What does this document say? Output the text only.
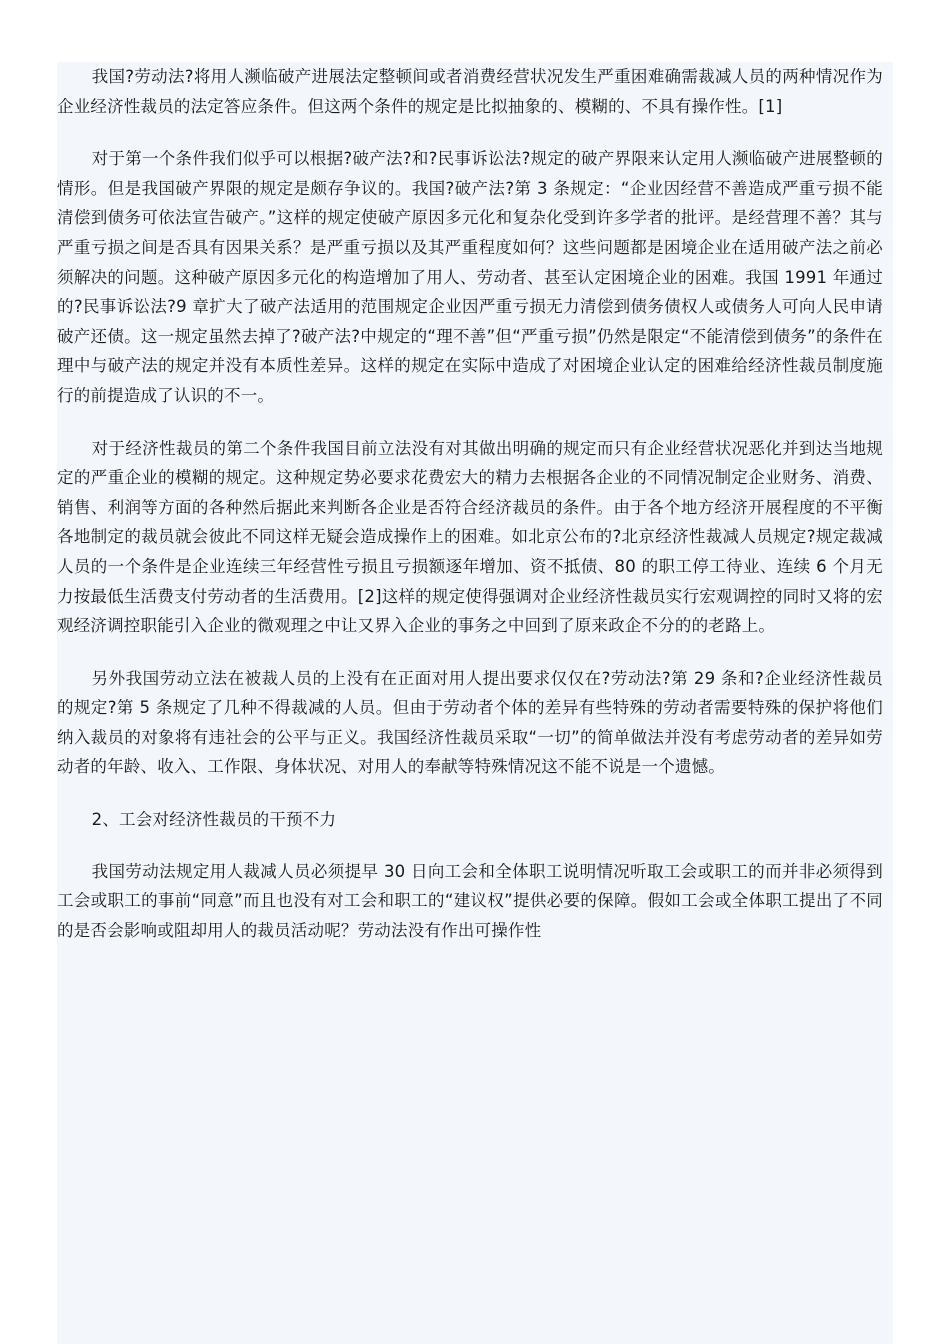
我国?劳动法?将用人濒临破产进展法定整顿间或者消费经营状况发生严重困难确需裁减人员的两种情况作为企业经济性裁员的法定答应条件。但这两个条件的规定是比拟抽象的、模糊的、不具有操作性。[1]

对于第一个条件我们似乎可以根据?破产法?和?民事诉讼法?规定的破产界限来认定用人濒临破产进展整顿的情形。但是我国破产界限的规定是颇存争议的。我国?破产法?第 3 条规定：“企业因经营不善造成严重亏损不能清偿到债务可依法宣告破产。”这样的规定使破产原因多元化和复杂化受到许多学者的批评。是经营理不善？其与严重亏损之间是否具有因果关系？是严重亏损以及其严重程度如何？这些问题都是困境企业在适用破产法之前必须解决的问题。这种破产原因多元化的构造增加了用人、劳动者、甚至认定困境企业的困难。我国 1991 年通过的?民事诉讼法?9 章扩大了破产法适用的范围规定企业因严重亏损无力清偿到债务债权人或债务人可向人民申请破产还债。这一规定虽然去掉了?破产法?中规定的“理不善”但“严重亏损”仍然是限定“不能清偿到债务”的条件在理中与破产法的规定并没有本质性差异。这样的规定在实际中造成了对困境企业认定的困难给经济性裁员制度施行的前提造成了认识的不一。

对于经济性裁员的第二个条件我国目前立法没有对其做出明确的规定而只有企业经营状况恶化并到达当地规定的严重企业的模糊的规定。这种规定势必要求花费宏大的精力去根据各企业的不同情况制定企业财务、消费、销售、利润等方面的各种然后据此来判断各企业是否符合经济裁员的条件。由于各个地方经济开展程度的不平衡各地制定的裁员就会彼此不同这样无疑会造成操作上的困难。如北京公布的?北京经济性裁减人员规定?规定裁减人员的一个条件是企业连续三年经营性亏损且亏损额逐年增加、资不抵债、80 的职工停工待业、连续 6 个月无力按最低生活费支付劳动者的生活费用。[2]这样的规定使得强调对企业经济性裁员实行宏观调控的同时又将的宏观经济调控职能引入企业的微观理之中让又界入企业的事务之中回到了原来政企不分的的老路上。

另外我国劳动立法在被裁人员的上没有在正面对用人提出要求仅仅在?劳动法?第 29 条和?企业经济性裁员的规定?第 5 条规定了几种不得裁减的人员。但由于劳动者个体的差异有些特殊的劳动者需要特殊的保护将他们纳入裁员的对象将有违社会的公平与正义。我国经济性裁员采取“一切”的简单做法并没有考虑劳动者的差异如劳动者的年龄、收入、工作限、身体状况、对用人的奉献等特殊情况这不能不说是一个遗憾。

2、工会对经济性裁员的干预不力

我国劳动法规定用人裁减人员必须提早 30 日向工会和全体职工说明情况听取工会或职工的而并非必须得到工会或职工的事前“同意”而且也没有对工会和职工的“建议权”提供必要的保障。假如工会或全体职工提出了不同的是否会影响或阻却用人的裁员活动呢？劳动法没有作出可操作性
